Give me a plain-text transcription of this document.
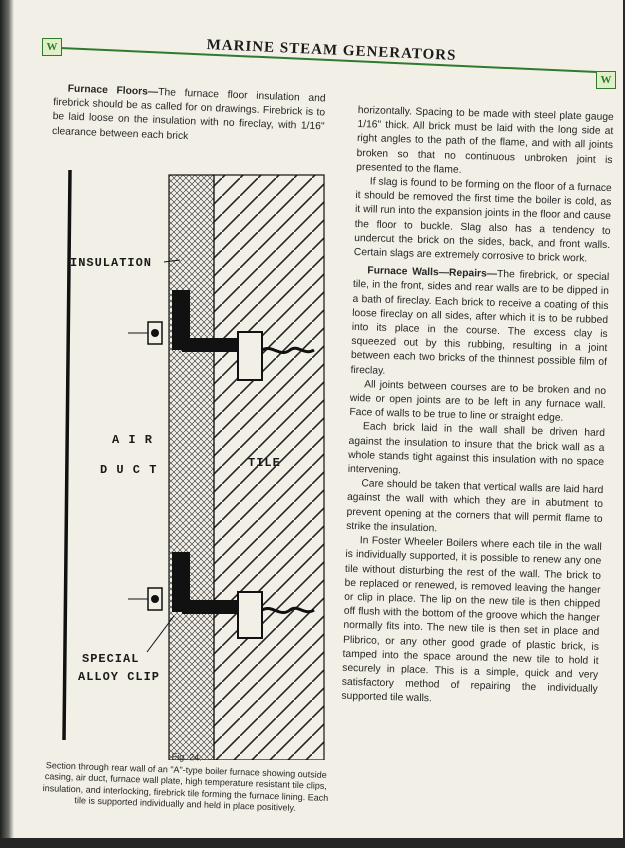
W
W
MARINE STEAM GENERATORS

Furnace Floors—The furnace floor insulation and firebrick should be as called for on drawings. Firebrick is to be laid loose on the insulation with no fireclay, with 1/16" clearance between each brick

INSULATION
A I R
D U C T	TILE
SPECIAL
ALLOY CLIP
Fig. 24.
Section through rear wall of an "A"-type boiler furnace showing outside casing, air duct, furnace wall plate, high temperature resistant tile clips, insulation, and interlocking, firebrick tile forming the furnace lining. Each tile is supported individually and held in place positively.

horizontally. Spacing to be made with steel plate gauge 1/16" thick. All brick must be laid with the long side at right angles to the path of the flame, and with all joints broken so that no continuous unbroken joint is presented to the flame.

If slag is found to be forming on the floor of a furnace it should be removed the first time the boiler is cold, as it will run into the expansion joints in the floor and cause the floor to buckle. Slag also has a tendency to undercut the brick on the sides, back, and front walls. Certain slags are extremely corrosive to brick work.

Furnace Walls—Repairs—The firebrick, or special tile, in the front, sides and rear walls are to be dipped in a bath of fireclay. Each brick to receive a coating of this loose fireclay on all sides, after which it is to be rubbed into its place in the course. The excess clay is squeezed out by this rubbing, resulting in a joint between each two bricks of the thinnest possible film of fireclay.

All joints between courses are to be broken and no wide or open joints are to be left in any furnace wall. Face of walls to be true to line or straight edge.

Each brick laid in the wall shall be driven hard against the insulation to insure that the brick wall as a whole stands tight against this insulation with no space intervening.

Care should be taken that vertical walls are laid hard against the wall with which they are in abutment to prevent opening at the corners that will permit flame to strike the insulation.

In Foster Wheeler Boilers where each tile in the wall is individually supported, it is possible to renew any one tile without disturbing the rest of the wall. The brick to be replaced or renewed, is removed leaving the hanger or clip in place. The lip on the new tile is then chipped off flush with the bottom of the groove which the hanger normally fits into. The new tile is then set in place and Plibrico, or any other good grade of plastic brick, is tamped into the space around the new tile to hold it securely in place. This is a simple, quick and very satisfactory method of repairing the individually supported tile walls.
